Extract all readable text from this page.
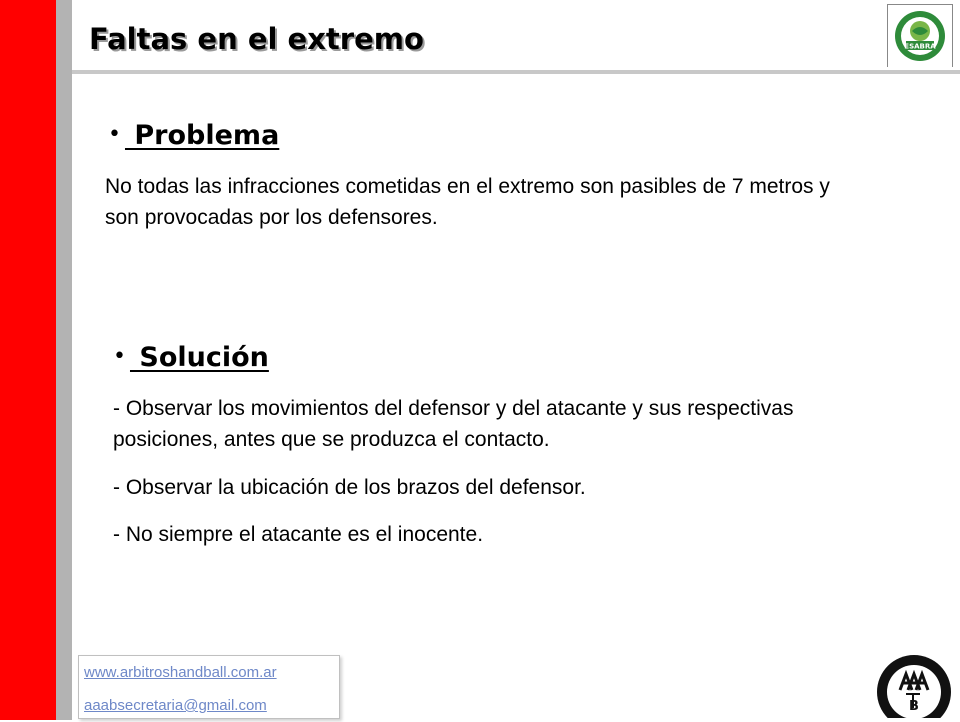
Faltas en el extremo	ESABRA
• Problema

No todas las infracciones cometidas en el extremo son pasibles de 7 metros y son provocadas por los defensores.

• Solución

- Observar los movimientos del defensor y del atacante y sus respectivas posiciones, antes que se produzca el contacto.

- Observar la ubicación de los brazos del defensor.

- No siempre el atacante es el inocente.

www.arbitroshandball.com.ar
aaabsecretaria@gmail.com	B
